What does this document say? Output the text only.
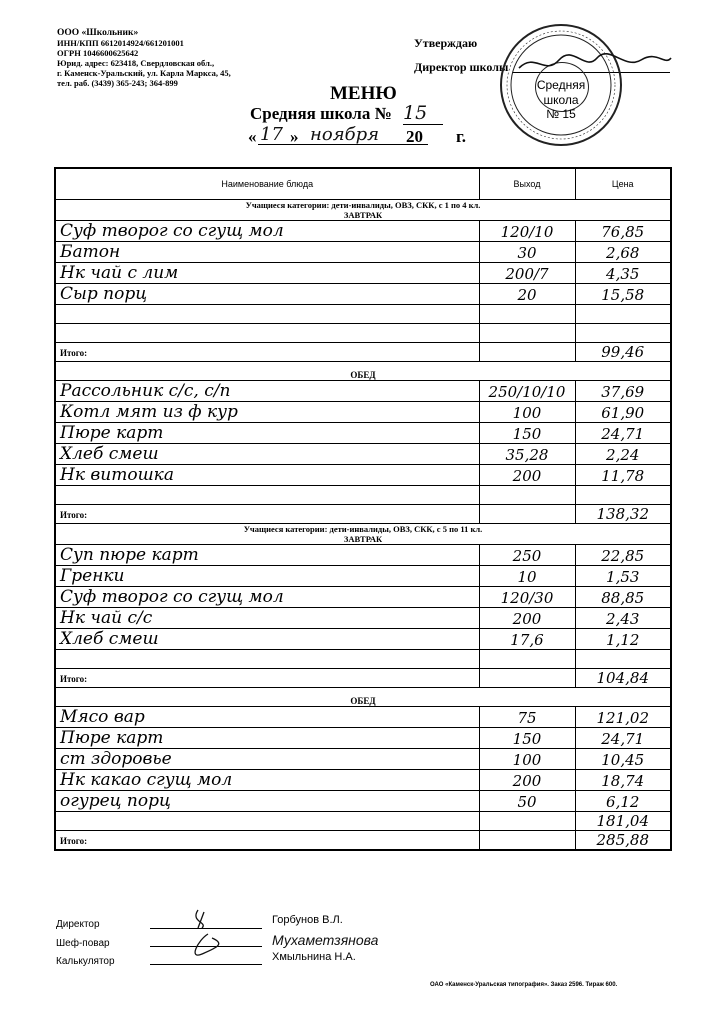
ООО «Школьник»
ИНН/КПП 6612014924/661201001
ОГРН 1046600625642
Юрид. адрес: 623418, Свердловская обл.,
г. Каменск-Уральский, ул. Карла Маркса, 45,
тел. раб. (3439) 365-243; 364-899
Утверждаю
Директор школы
Средняя
школа
№ 15
МЕНЮ
Средняя школа № 15
« 17 » ноября 20 г.
Наименование блюда	Выход	Цена

Учащиеся категории: дети-инвалиды, ОВЗ, СКК, с 1 по 4 кл.
ЗАВТРАК		

Суф творог со сгущ мол	120/10	76,85
Батон	30	2,68
Нк чай с лим	200/7	4,35
Сыр порц	20	15,58

Итого:		99,46
ОБЕД		
Рассольник с/с, с/п	250/10/10	37,69
Котл мят из ф кур	100	61,90
Пюре карт	150	24,71
Хлеб смеш	35,28	2,24
Нк витошка	200	11,78

Итого:		138,32

Учащиеся категории: дети-инвалиды, ОВЗ, СКК, с 5 по 11 кл.
ЗАВТРАК		

Суп пюре карт	250	22,85
Гренки	10	1,53
Суф творог со сгущ мол	120/30	88,85
Нк чай с/с	200	2,43
Хлеб смеш	17,6	1,12

Итого:		104,84
ОБЕД		
Мясо вар	75	121,02
Пюре карт	150	24,71
ст здоровье	100	10,45
Нк какао сгущ мол	200	18,74
огурец порц	50	6,12
		181,04
Итого:		285,88
Директор
Шеф-повар
Калькулятор
Горбунов В.Л.
Мухаметзянова
Хмыльнина Н.А.
ОАО «Каменск-Уральская типография». Заказ 2596. Тираж 600.
